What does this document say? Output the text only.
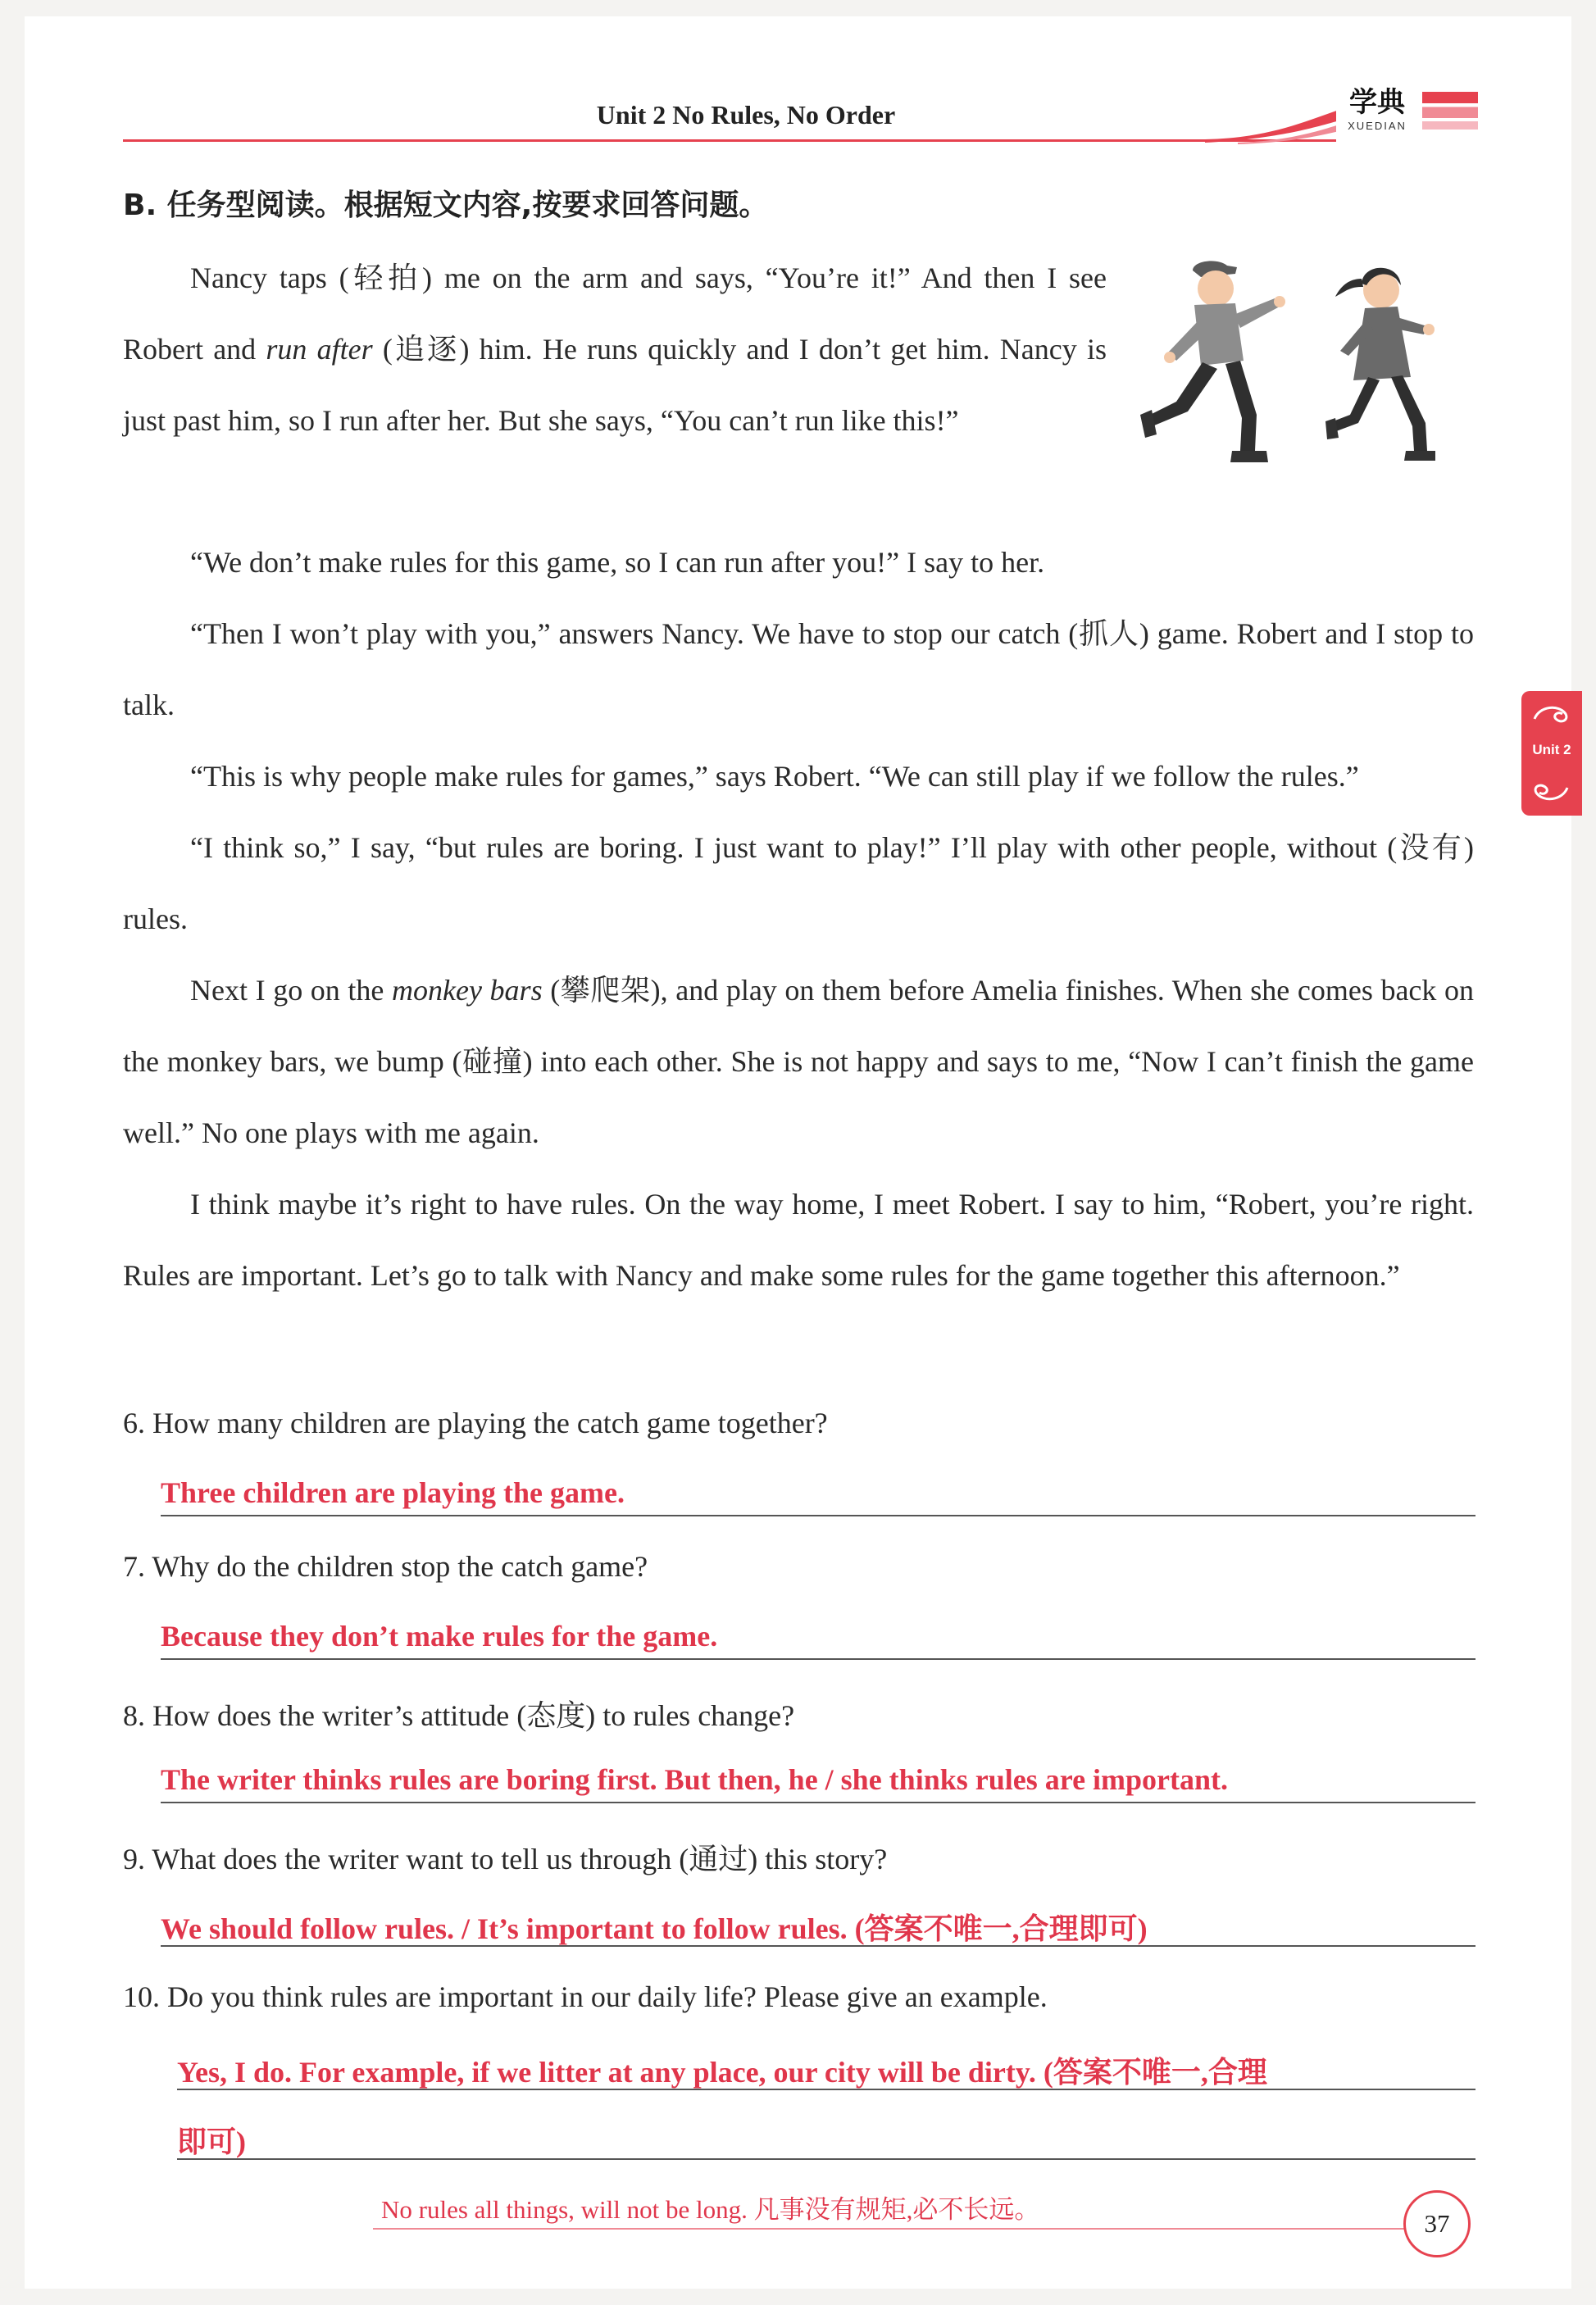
Unit 2 No Rules, No Order	学典
XUEDIAN
Unit 2
B. 任务型阅读。根据短文内容,按要求回答问题。

Nancy taps (轻拍) me on the arm and says, “You’re it!” And then I see Robert and run after (追逐) him. He runs quickly and I don’t get him. Nancy is just past him, so I run after her. But she says, “You can’t run like this!”

“We don’t make rules for this game, so I can run after you!” I say to her.

“Then I won’t play with you,” answers Nancy. We have to stop our catch (抓人) game. Robert and I stop to talk.

“This is why people make rules for games,” says Robert. “We can still play if we follow the rules.”

“I think so,” I say, “but rules are boring. I just want to play!” I’ll play with other people, without (没有) rules.

Next I go on the monkey bars (攀爬架), and play on them before Amelia finishes. When she comes back on the monkey bars, we bump (碰撞) into each other. She is not happy and says to me, “Now I can’t finish the game well.” No one plays with me again.

I think maybe it’s right to have rules. On the way home, I meet Robert. I say to him, “Robert, you’re right. Rules are important. Let’s go to talk with Nancy and make some rules for the game together this afternoon.”

6. How many children are playing the catch game together?
Three children are playing the game.
7. Why do the children stop the catch game?
Because they don’t make rules for the game.
8. How does the writer’s attitude (态度) to rules change?
The writer thinks rules are boring first. But then, he / she thinks rules are important.
9. What does the writer want to tell us through (通过) this story?
We should follow rules. / It’s important to follow rules. (答案不唯一,合理即可)
10. Do you think rules are important in our daily life? Please give an example.
Yes, I do. For example, if we litter at any place, our city will be dirty. (答案不唯一,合理
即可)
No rules all things, will not be long. 凡事没有规矩,必不长远。	37
